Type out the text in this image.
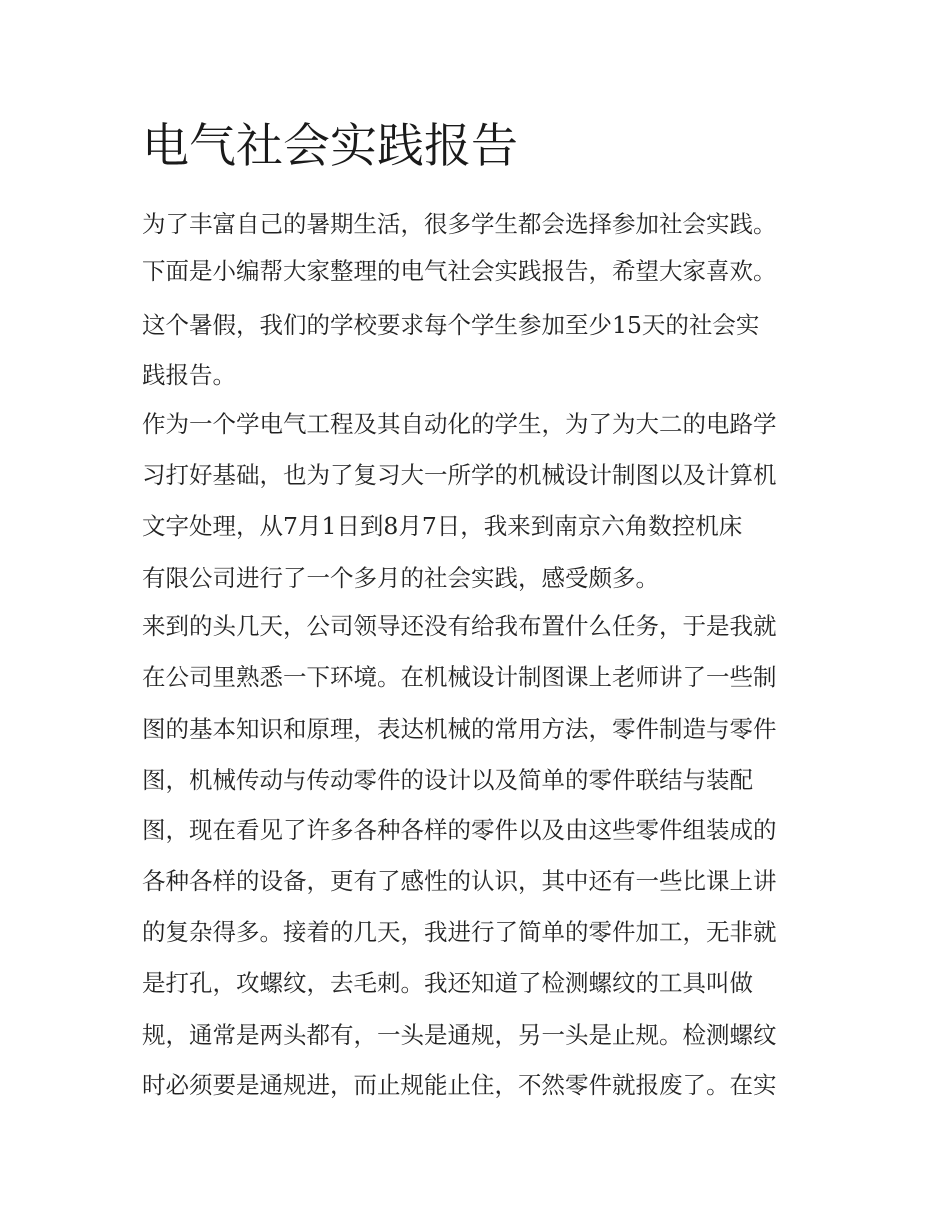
电气社会实践报告

为了丰富自己的暑期生活，很多学生都会选择参加社会实践。

下面是小编帮大家整理的电气社会实践报告，希望大家喜欢。

这个暑假，我们的学校要求每个学生参加至少15天的社会实

践报告。

作为一个学电气工程及其自动化的学生，为了为大二的电路学

习打好基础，也为了复习大一所学的机械设计制图以及计算机

文字处理，从7月1日到8月7日，我来到南京六角数控机床

有限公司进行了一个多月的社会实践，感受颇多。

来到的头几天，公司领导还没有给我布置什么任务，于是我就

在公司里熟悉一下环境。在机械设计制图课上老师讲了一些制

图的基本知识和原理，表达机械的常用方法，零件制造与零件

图，机械传动与传动零件的设计以及简单的零件联结与装配

图，现在看见了许多各种各样的零件以及由这些零件组装成的

各种各样的设备，更有了感性的认识，其中还有一些比课上讲

的复杂得多。接着的几天，我进行了简单的零件加工，无非就

是打孔，攻螺纹，去毛刺。我还知道了检测螺纹的工具叫做

规，通常是两头都有，一头是通规，另一头是止规。检测螺纹

时必须要是通规进，而止规能止住，不然零件就报废了。在实
